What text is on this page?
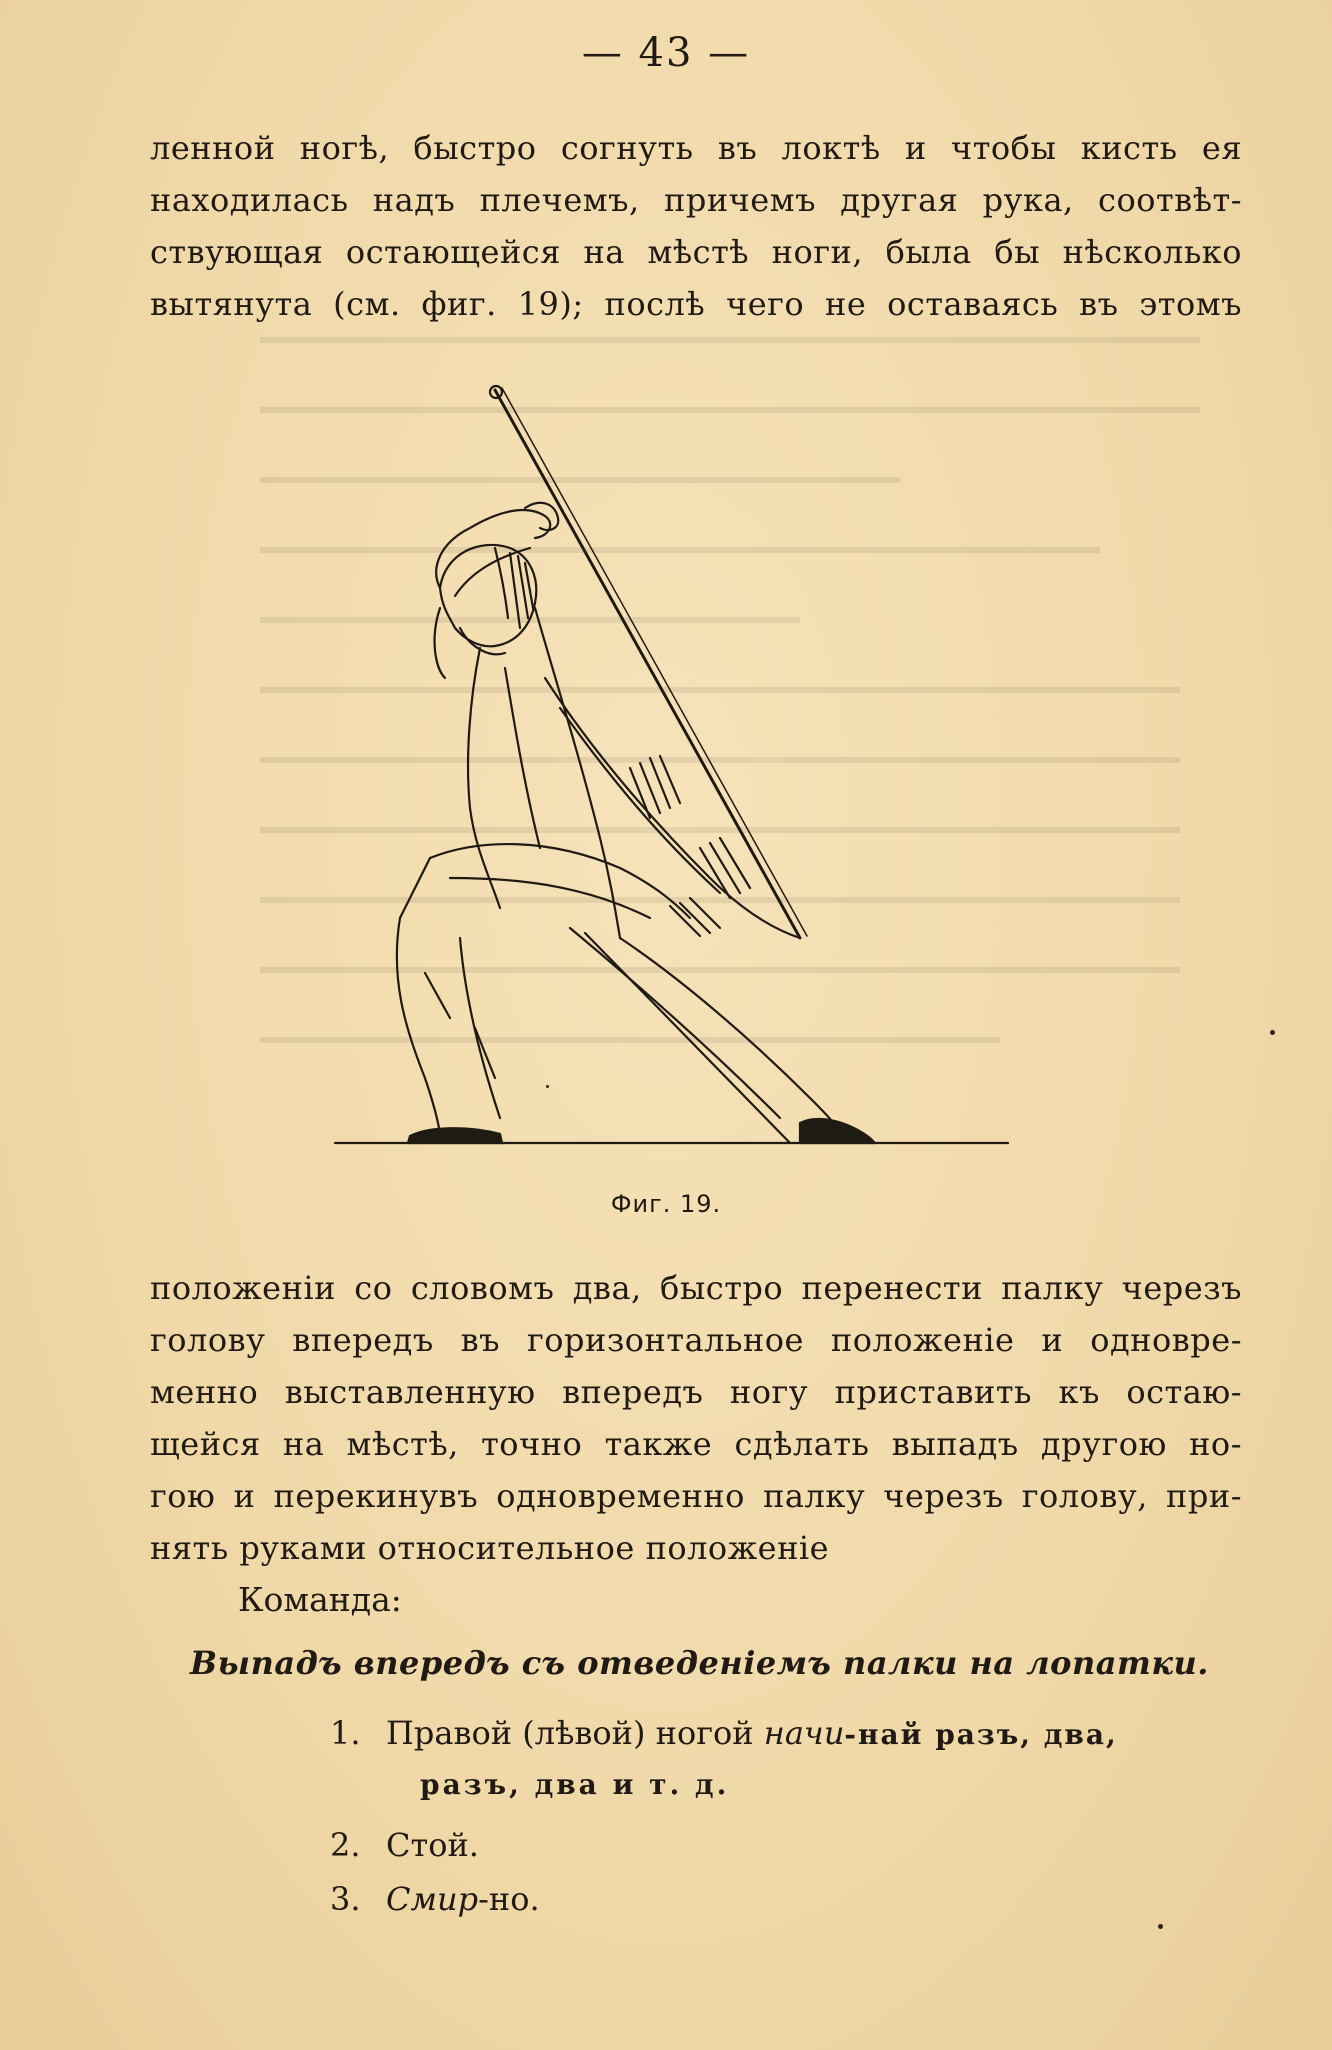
— 43 —
ленной ногѣ, быстро согнуть въ локтѣ и чтобы кисть ея
находилась надъ плечемъ, причемъ другая рука, соотвѣт-
ствующая остающейся на мѣстѣ ноги, была бы нѣсколько
вытянута (см. фиг. 19); послѣ чего не оставаясь въ этомъ
Фиг. 19.
положеніи со словомъ два, быстро перенести палку черезъ
голову впередъ въ горизонтальное положеніе и одновре-
менно выставленную впередъ ногу приставить къ остаю-
щейся на мѣстѣ, точно также сдѣлать выпадъ другою но-
гою и перекинувъ одновременно палку черезъ голову, при-
нять руками относительное положеніе
Команда:
Выпадъ впередъ съ отведеніемъ палки на лопатки.
1. Правой (лѣвой) ногой начи-най разъ, два,
разъ, два и т. д.
2. Стой.
3. Смир-но.
